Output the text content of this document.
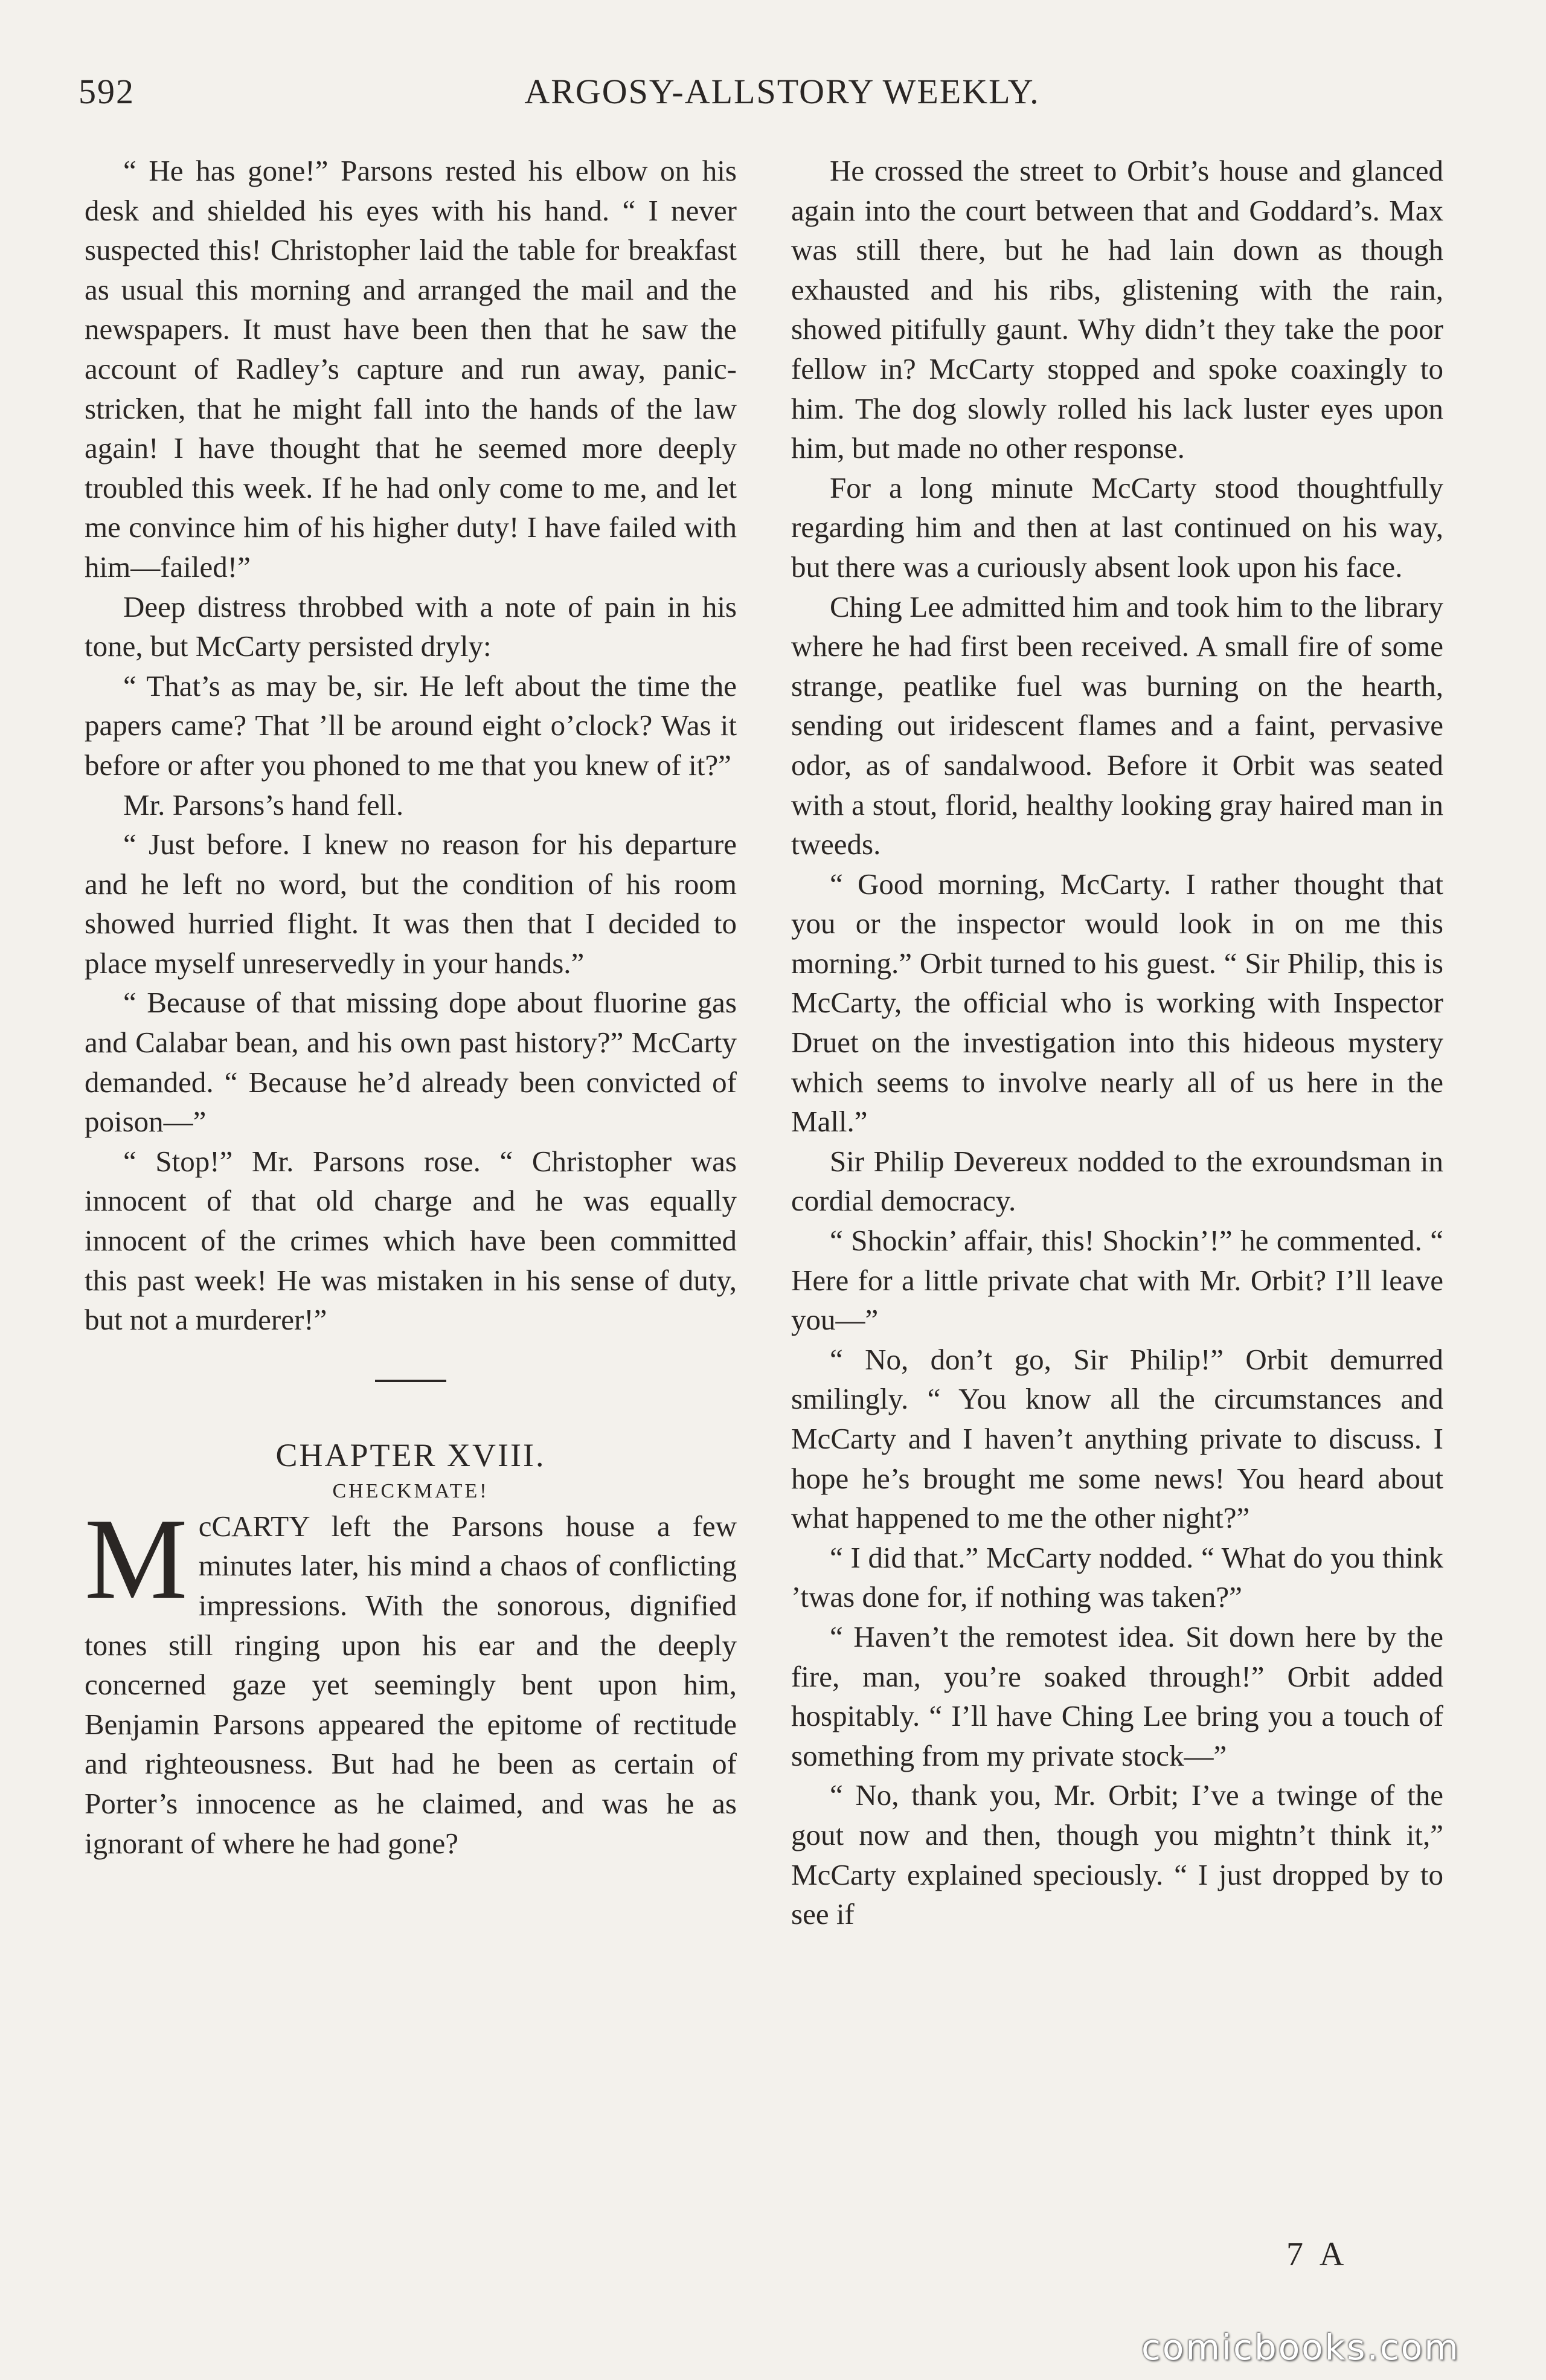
592	ARGOSY-ALLSTORY WEEKLY.

“ He has gone!” Parsons rested his elbow on his desk and shielded his eyes with his hand. “ I never suspected this! Christopher laid the table for breakfast as usual this morning and arranged the mail and the newspapers. It must have been then that he saw the account of Radley’s capture and run away, panic-stricken, that he might fall into the hands of the law again! I have thought that he seemed more deeply troubled this week. If he had only come to me, and let me convince him of his higher duty! I have failed with him—failed!”

Deep distress throbbed with a note of pain in his tone, but McCarty persisted dryly:

“ That’s as may be, sir. He left about the time the papers came? That ’ll be around eight o’clock? Was it before or after you phoned to me that you knew of it?”

Mr. Parsons’s hand fell.

“ Just before. I knew no reason for his departure and he left no word, but the condition of his room showed hurried flight. It was then that I decided to place myself unreservedly in your hands.”

“ Because of that missing dope about fluorine gas and Calabar bean, and his own past history?” McCarty demanded. “ Because he’d already been convicted of poison—”

“ Stop!” Mr. Parsons rose. “ Christopher was innocent of that old charge and he was equally innocent of the crimes which have been committed this past week! He was mistaken in his sense of duty, but not a murderer!”

CHAPTER XVIII.

CHECKMATE!

McCARTY left the Parsons house a few minutes later, his mind a chaos of conflicting impressions. With the sonorous, dignified tones still ringing upon his ear and the deeply concerned gaze yet seemingly bent upon him, Benjamin Parsons appeared the epitome of rectitude and righteousness. But had he been as certain of Porter’s innocence as he claimed, and was he as ignorant of where he had gone?

He crossed the street to Orbit’s house and glanced again into the court between that and Goddard’s. Max was still there, but he had lain down as though exhausted and his ribs, glistening with the rain, showed pitifully gaunt. Why didn’t they take the poor fellow in? McCarty stopped and spoke coaxingly to him. The dog slowly rolled his lack luster eyes upon him, but made no other response.

For a long minute McCarty stood thoughtfully regarding him and then at last continued on his way, but there was a curiously absent look upon his face.

Ching Lee admitted him and took him to the library where he had first been received. A small fire of some strange, peatlike fuel was burning on the hearth, sending out iridescent flames and a faint, pervasive odor, as of sandalwood. Before it Orbit was seated with a stout, florid, healthy looking gray haired man in tweeds.

“ Good morning, McCarty. I rather thought that you or the inspector would look in on me this morning.” Orbit turned to his guest. “ Sir Philip, this is McCarty, the official who is working with Inspector Druet on the investigation into this hideous mystery which seems to involve nearly all of us here in the Mall.”

Sir Philip Devereux nodded to the exroundsman in cordial democracy.

“ Shockin’ affair, this! Shockin’!” he commented. “ Here for a little private chat with Mr. Orbit? I’ll leave you—”

“ No, don’t go, Sir Philip!” Orbit demurred smilingly. “ You know all the circumstances and McCarty and I haven’t anything private to discuss. I hope he’s brought me some news! You heard about what happened to me the other night?”

“ I did that.” McCarty nodded. “ What do you think ’twas done for, if nothing was taken?”

“ Haven’t the remotest idea. Sit down here by the fire, man, you’re soaked through!” Orbit added hospitably. “ I’ll have Ching Lee bring you a touch of something from my private stock—”

“ No, thank you, Mr. Orbit; I’ve a twinge of the gout now and then, though you mightn’t think it,” McCarty explained speciously. “ I just dropped by to see if

7 A
comicbooks.com
